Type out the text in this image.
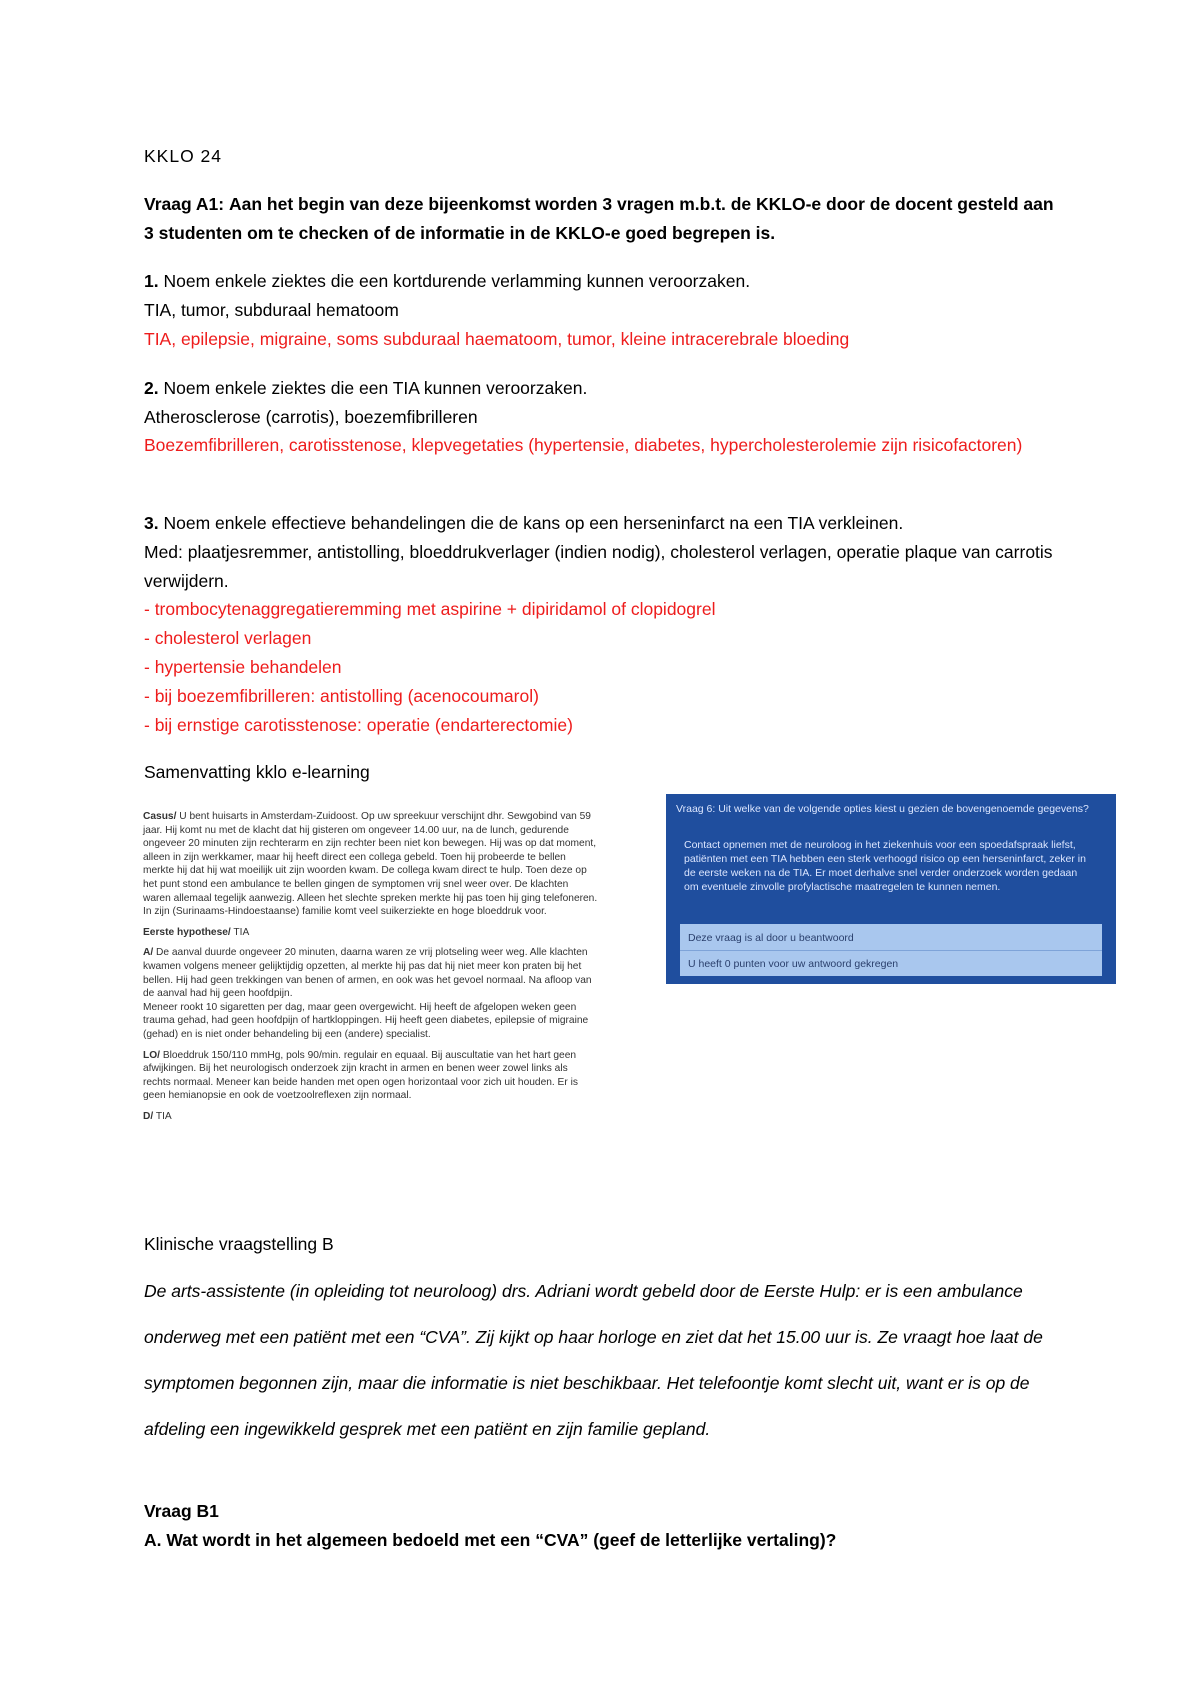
KKLO 24
Vraag A1: Aan het begin van deze bijeenkomst worden 3 vragen m.b.t. de KKLO-e door de docent gesteld aan 3 studenten om te checken of de informatie in de KKLO-e goed begrepen is.
1. Noem enkele ziektes die een kortdurende verlamming kunnen veroorzaken.
TIA, tumor, subduraal hematoom
TIA, epilepsie, migraine, soms subduraal haematoom, tumor, kleine intracerebrale bloeding
2. Noem enkele ziektes die een TIA kunnen veroorzaken.
Atherosclerose (carrotis), boezemfibrilleren
Boezemfibrilleren, carotisstenose, klepvegetaties (hypertensie, diabetes, hypercholesterolemie zijn risicofactoren)
3. Noem enkele effectieve behandelingen die de kans op een herseninfarct na een TIA verkleinen.
Med: plaatjesremmer, antistolling, bloeddrukverlager (indien nodig), cholesterol verlagen, operatie plaque van carrotis verwijdern.
- trombocytenaggregatieremming met aspirine + dipiridamol of clopidogrel
- cholesterol verlagen
- hypertensie behandelen
- bij boezemfibrilleren: antistolling (acenocoumarol)
- bij ernstige carotisstenose: operatie (endarterectomie)
Samenvatting kklo e-learning

Casus/ U bent huisarts in Amsterdam-Zuidoost. Op uw spreekuur verschijnt dhr. Sewgobind van 59 jaar. Hij komt nu met de klacht dat hij gisteren om ongeveer 14.00 uur, na de lunch, gedurende ongeveer 20 minuten zijn rechterarm en zijn rechter been niet kon bewegen. Hij was op dat moment, alleen in zijn werkkamer, maar hij heeft direct een collega gebeld. Toen hij probeerde te bellen merkte hij dat hij wat moeilijk uit zijn woorden kwam. De collega kwam direct te hulp. Toen deze op het punt stond een ambulance te bellen gingen de symptomen vrij snel weer over. De klachten waren allemaal tegelijk aanwezig. Alleen het slechte spreken merkte hij pas toen hij ging telefoneren. In zijn (Surinaams-Hindoestaanse) familie komt veel suikerziekte en hoge bloeddruk voor.

Eerste hypothese/ TIA

A/ De aanval duurde ongeveer 20 minuten, daarna waren ze vrij plotseling weer weg. Alle klachten kwamen volgens meneer gelijktijdig opzetten, al merkte hij pas dat hij niet meer kon praten bij het bellen. Hij had geen trekkingen van benen of armen, en ook was het gevoel normaal. Na afloop van de aanval had hij geen hoofdpijn.

Meneer rookt 10 sigaretten per dag, maar geen overgewicht. Hij heeft de afgelopen weken geen trauma gehad, had geen hoofdpijn of hartkloppingen. Hij heeft geen diabetes, epilepsie of migraine (gehad) en is niet onder behandeling bij een (andere) specialist.

LO/ Bloeddruk 150/110 mmHg, pols 90/min. regulair en equaal. Bij auscultatie van het hart geen afwijkingen. Bij het neurologisch onderzoek zijn kracht in armen en benen weer zowel links als rechts normaal. Meneer kan beide handen met open ogen horizontaal voor zich uit houden. Er is geen hemianopsie en ook de voetzoolreflexen zijn normaal.

D/ TIA

Vraag 6: Uit welke van de volgende opties kiest u gezien de bovengenoemde gegevens?
Contact opnemen met de neuroloog in het ziekenhuis voor een spoedafspraak liefst, patiënten met een TIA hebben een sterk verhoogd risico op een herseninfarct, zeker in de eerste weken na de TIA. Er moet derhalve snel verder onderzoek worden gedaan om eventuele zinvolle profylactische maatregelen te kunnen nemen.
Deze vraag is al door u beantwoord
U heeft 0 punten voor uw antwoord gekregen
Klinische vraagstelling B
De arts-assistente (in opleiding tot neuroloog) drs. Adriani wordt gebeld door de Eerste Hulp: er is een ambulance onderweg met een patiënt met een “CVA”. Zij kijkt op haar horloge en ziet dat het 15.00 uur is. Ze vraagt hoe laat de symptomen begonnen zijn, maar die informatie is niet beschikbaar. Het telefoontje komt slecht uit, want er is op de afdeling een ingewikkeld gesprek met een patiënt en zijn familie gepland.
Vraag B1
A. Wat wordt in het algemeen bedoeld met een “CVA” (geef de letterlijke vertaling)?
